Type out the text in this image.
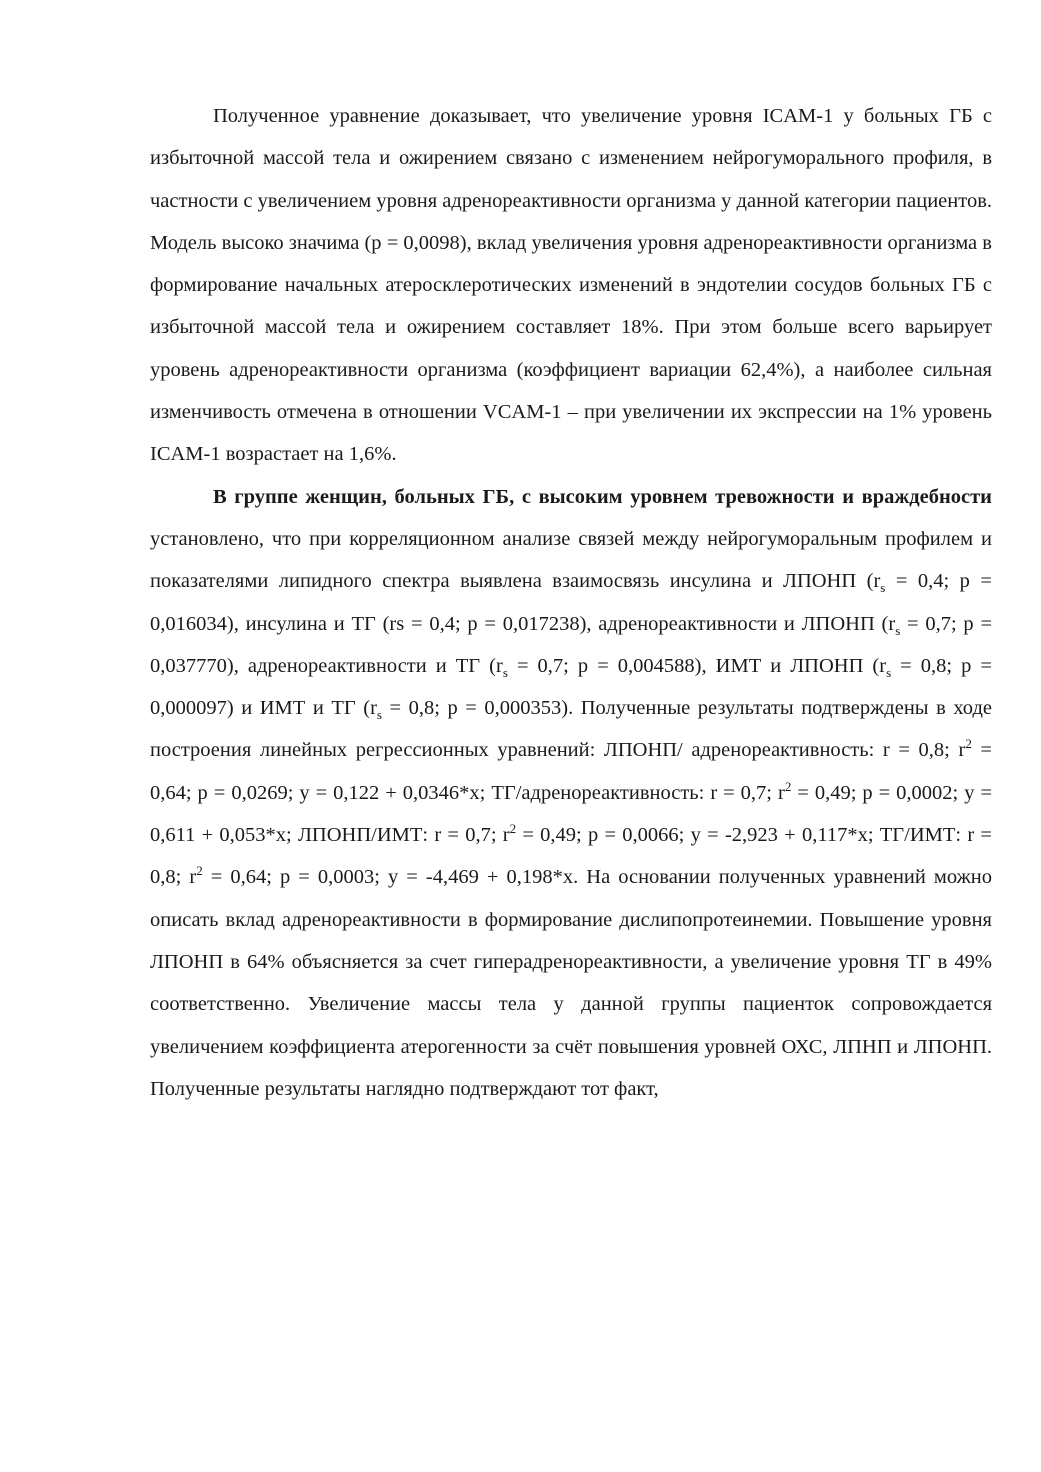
Полученное уравнение доказывает, что увеличение уровня ICAM-1 у больных ГБ с избыточной массой тела и ожирением связано с изменением нейрогуморального профиля, в частности с увеличением уровня адренореактивности организма у данной категории пациентов. Модель высоко значима (p = 0,0098), вклад увеличения уровня адренореактивности организма в формирование начальных атеросклеротических изменений в эндотелии сосудов больных ГБ с избыточной массой тела и ожирением составляет 18%. При этом больше всего варьирует уровень адренореактивности организма (коэффициент вариации 62,4%), а наиболее сильная изменчивость отмечена в отношении VCAM-1 – при увеличении их экспрессии на 1% уровень ICAM-1 возрастает на 1,6%.

В группе женщин, больных ГБ, с высоким уровнем тревожности и враждебности установлено, что при корреляционном анализе связей между нейрогуморальным профилем и показателями липидного спектра выявлена взаимосвязь инсулина и ЛПОНП ($r_s = 0,4$; p = 0,016034), инсулина и ТГ (rs = 0,4; p = 0,017238), адренореактивности и ЛПОНП ($r_s = 0,7$; p = 0,037770), адренореактивности и ТГ ($r_s = 0,7$; p = 0,004588), ИМТ и ЛПОНП ($r_s = 0,8$; p = 0,000097) и ИМТ и ТГ ($r_s = 0,8$; p = 0,000353). Полученные результаты подтверждены в ходе построения линейных регрессионных уравнений: ЛПОНП/ адренореактивность: r = 0,8; $r^2 = 0,64$; p = 0,0269; y = 0,122 + 0,0346*x; ТГ/адренореактивность: r = 0,7; $r^2 = 0,49$; p = 0,0002; y = 0,611 + 0,053*x; ЛПОНП/ИМТ: r = 0,7; $r^2 = 0,49$; p = 0,0066; y = -2,923 + 0,117*x; ТГ/ИМТ: r = 0,8; $r^2 = 0,64$; p = 0,0003; y = -4,469 + 0,198*x. На основании полученных уравнений можно описать вклад адренореактивности в формирование дислипопротеинемии. Повышение уровня ЛПОНП в 64% объясняется за счет гиперадренореактивности, а увеличение уровня ТГ в 49% соответственно. Увеличение массы тела у данной группы пациенток сопровождается увеличением коэффициента атерогенности за счёт повышения уровней ОХС, ЛПНП и ЛПОНП. Полученные результаты наглядно подтверждают тот факт,
